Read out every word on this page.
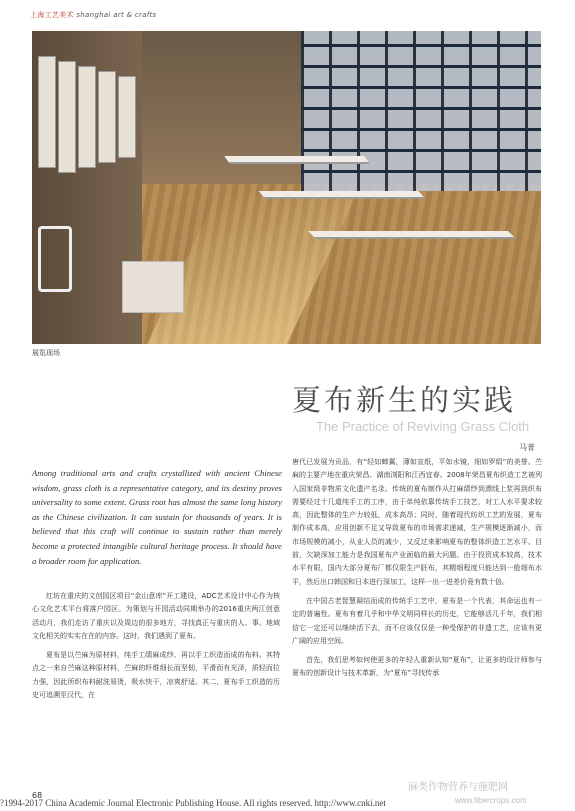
上海工艺美术 shanghai art & crafts
展览现场
夏布新生的实践
The Practice of Reviving Grass Cloth
马菁
Among traditional arts and crafts crystallized with ancient Chinese wisdom, grass cloth is a representative category, and its destiny proves universality to some extent. Grass root has almost the same long history as the Chinese civilization. It can sustain for thousands of years. It is believed that this craft will continue to sustain rather than merely become a protected intangible cultural heritage process. It should have a broader room for application.

红坊在重庆的文创园区项目“金山意库”开工建设，ADC艺术设计中心作为核心文化艺术平台将落户园区。为策划与开园活动同期举办的2016重庆两江创意活动月，我们走访了重庆以及周边的很多地方，寻找真正与重庆的人、事、地域文化相关的实实在在的内容。这时，我们遇到了夏布。

夏布是以苎麻为原材料，纯手工绩麻成纱、再以手工织造而成的布料。其特点之一来自苎麻这种原材料，苎麻的纤维细长而坚韧，平滑而有光泽，质轻而拉力强，因此所织布料耐洗易烫，吸水快干，凉爽舒适。其二，夏布手工织造的历史可追溯至汉代，在

唐代已发展为贡品，有“轻如蝉翼，薄如宣纸，平如水镜，细如罗绢”的美誉。苎麻的主要产地在重庆荣昌、湖南浏阳和江西宜春。2008年荣昌夏布织造工艺被列入国家级非物质文化遗产名录。传统的夏布制作从打麻绩纱到漂线上浆再到织布需要经过十几道纯手工的工序，由于单纯依靠传统手工技艺，对工人水平要求较高，因此整体的生产力较低，成本高昂；同时，随着现代纺织工艺的发展，夏布制作成本高，应用创新不足又导致夏布的市场需求递减，生产规模逐渐减小，而市场规模的减小，从业人员的减少，又反过来影响夏布的整体织造工艺水平。目前，欠缺深加工能力是我国夏布产业面临的最大问题。由于投资成本较高，技术水平有限，国内大部分夏布厂都仅限生产胚布，其精细程度只能达到一般细布水平，然后出口韩国和日本进行深加工，这样一出一进差价竟有数十倍。

在中国古老智慧凝结而成的传统手工艺中，夏布是一个代表，其命运也有一定的普遍性。夏布有着几乎和中华文明同样长的历史，它能够活几千年，我们相信它一定还可以继续活下去，而不应该仅仅是一种受保护的非遗工艺，应该有更广阔的应用空间。

首先，我们思考如何使更多的年轻人重新认知“夏布”，让更多的设计师参与夏布的创新设计与技术革新，为“夏布”寻找传承

68
麻类作物营养与施肥网
www.fibercrops.com
?1994-2017 China Academic Journal Electronic Publishing House. All rights reserved. http://www.cnki.net
